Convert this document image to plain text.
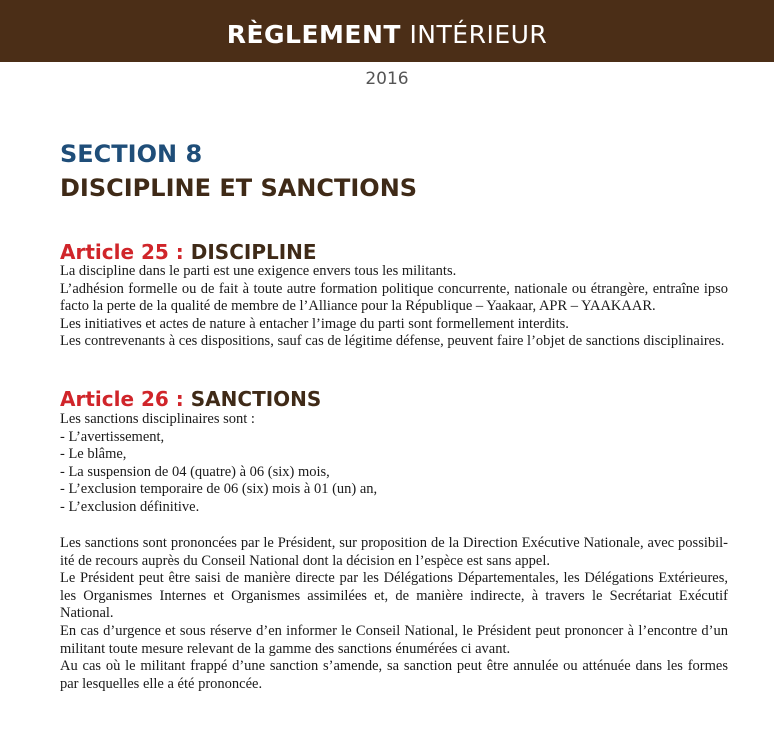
RÈGLEMENT INTÉRIEUR
2016
SECTION 8
DISCIPLINE ET SANCTIONS
Article 25 : DISCIPLINE
La discipline dans le parti est une exigence envers tous les militants.
L’adhésion formelle ou de fait à toute autre formation politique concurrente, nationale ou étrangère, entraîne ipso
facto la perte de la qualité de membre de l’Alliance pour la République – Yaakaar, APR – YAAKAAR.
Les initiatives et actes de nature à entacher l’image du parti sont formellement interdits.
Les contrevenants à ces dispositions, sauf cas de légitime défense, peuvent faire l’objet de sanctions disciplinaires.
Article 26 : SANCTIONS
Les sanctions disciplinaires sont :
- L’avertissement,
- Le blâme,
- La suspension de 04 (quatre) à 06 (six) mois,
- L’exclusion temporaire de 06 (six) mois à 01 (un) an,
- L’exclusion définitive.
Les sanctions sont prononcées par le Président, sur proposition de la Direction Exécutive Nationale, avec possibil-
ité de recours auprès du Conseil National dont la décision en l’espèce est sans appel.
Le Président peut être saisi de manière directe par les Délégations Départementales, les Délégations Extérieures,
les Organismes Internes et Organismes assimilées et, de manière indirecte, à travers le Secrétariat Exécutif
National.
En cas d’urgence et sous réserve d’en informer le Conseil National, le Président peut prononcer à l’encontre d’un
militant toute mesure relevant de la gamme des sanctions énumérées ci avant.
Au cas où le militant frappé d’une sanction s’amende, sa sanction peut être annulée ou atténuée dans les formes
par lesquelles elle a été prononcée.
